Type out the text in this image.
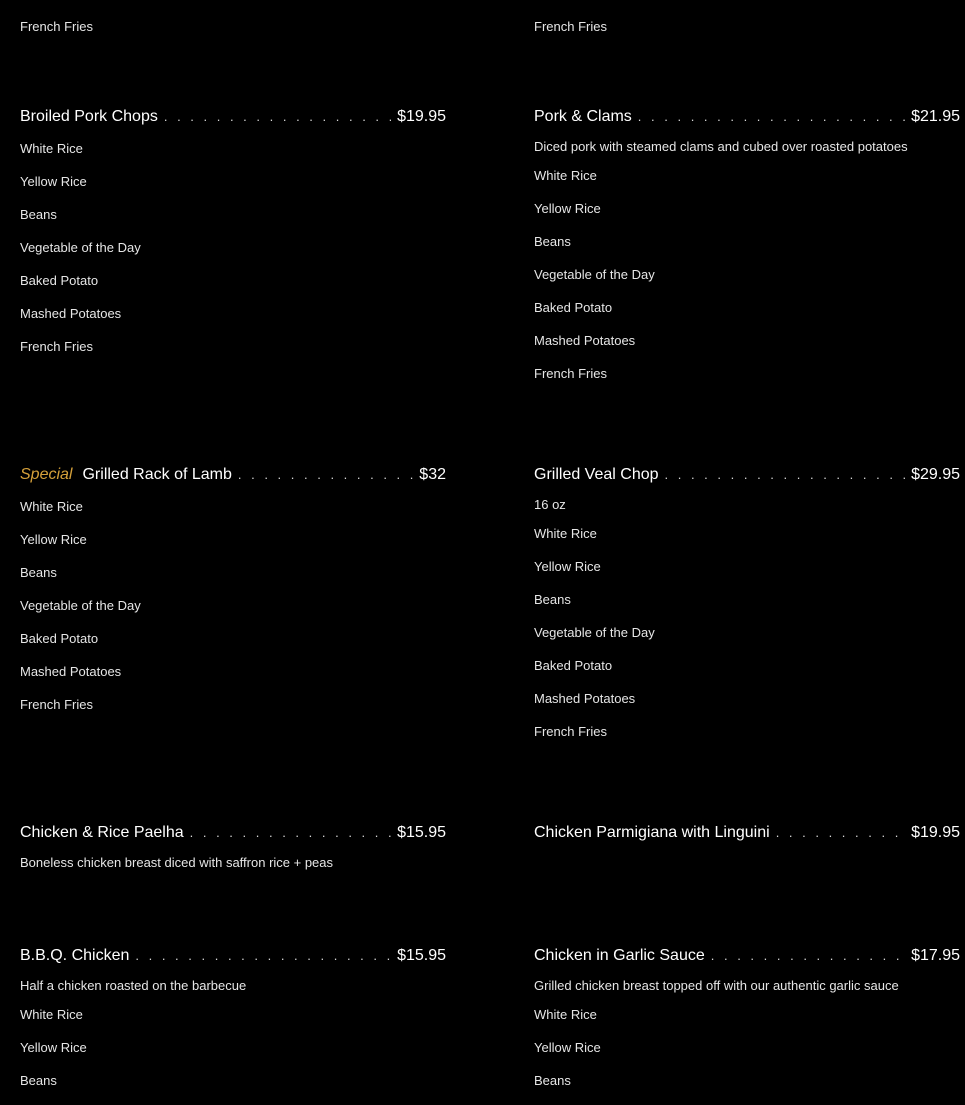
French Fries
Broiled Pork Chops . . .	$19.95
White Rice
Yellow Rice
Beans
Vegetable of the Day
Baked Potato
Mashed Potatoes
French Fries
Special Grilled Rack of Lamb . . .	$32
White Rice
Yellow Rice
Beans
Vegetable of the Day
Baked Potato
Mashed Potatoes
French Fries
Chicken & Rice Paelha . . .	$15.95
Boneless chicken breast diced with saffron rice + peas
B.B.Q. Chicken . . .	$15.95
Half a chicken roasted on the barbecue
White Rice
Yellow Rice
Beans
French Fries
Pork & Clams . . .	$21.95
Diced pork with steamed clams and cubed over roasted potatoes
White Rice
Yellow Rice
Beans
Vegetable of the Day
Baked Potato
Mashed Potatoes
French Fries
Grilled Veal Chop . . .	$29.95
16 oz
White Rice
Yellow Rice
Beans
Vegetable of the Day
Baked Potato
Mashed Potatoes
French Fries
Chicken Parmigiana with Linguini . . .	$19.95
Chicken in Garlic Sauce . . .	$17.95
Grilled chicken breast topped off with our authentic garlic sauce
White Rice
Yellow Rice
Beans
